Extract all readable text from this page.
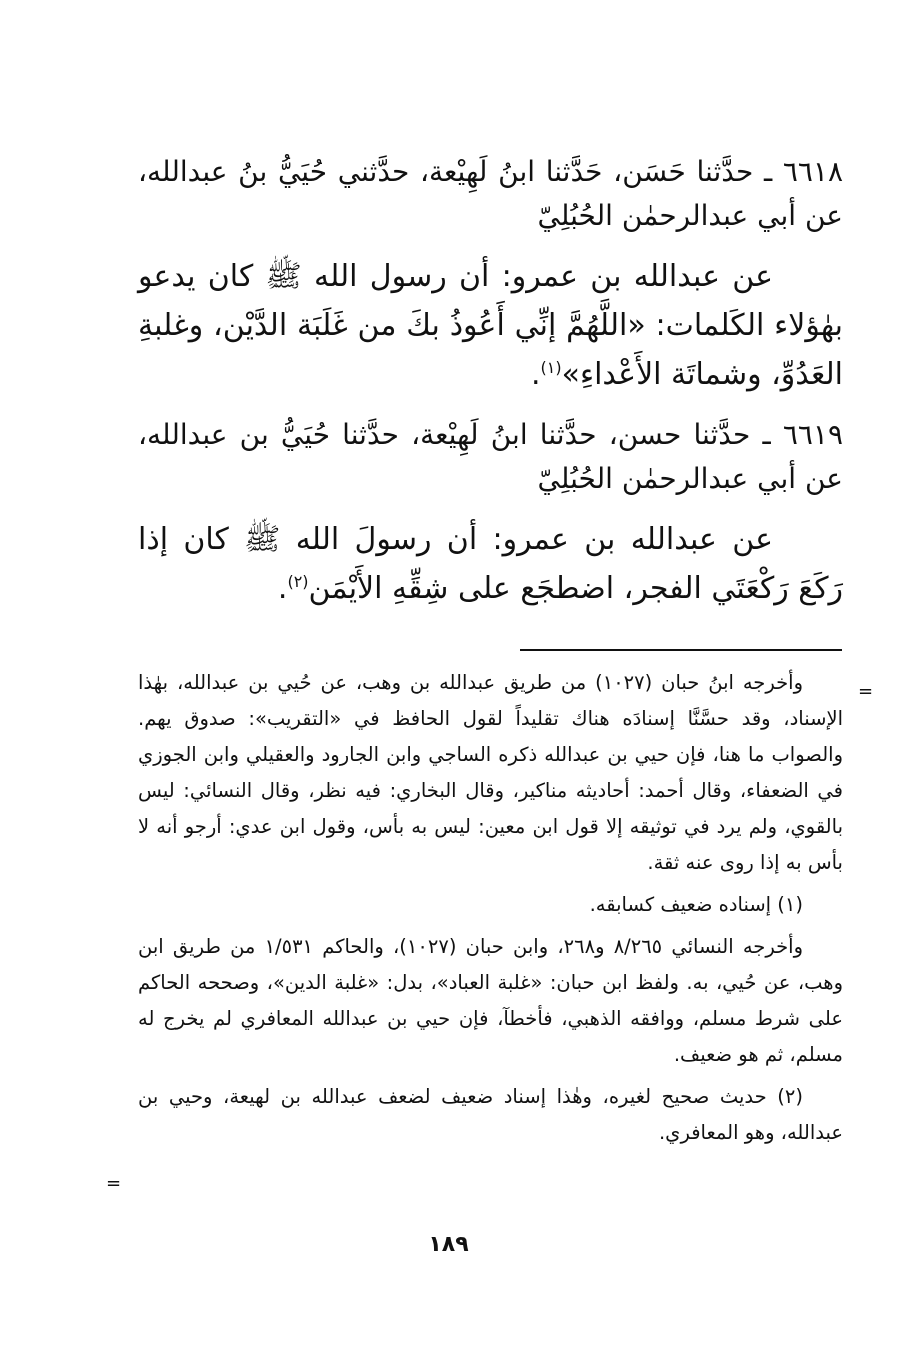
٦٦١٨ ـ حدَّثنا حَسَن، حَدَّثنا ابنُ لَهِيْعة، حدَّثني حُيَيُّ بنُ عبدالله، عن أبي عبدالرحمٰن الحُبُلِيّ

عن عبدالله بن عمرو: أن رسول الله ﷺ كان يدعو بهٰؤلاء الكَلمات: «اللَّهُمَّ إنِّي أَعُوذُ بكَ من غَلَبَة الدَّيْن، وغلبةِ العَدُوِّ، وشماتَة الأَعْداءِ»$^{(١)}$.

٦٦١٩ ـ حدَّثنا حسن، حدَّثنا ابنُ لَهِيْعة، حدَّثنا حُيَيُّ بن عبدالله، عن أبي عبدالرحمٰن الحُبُلِيّ

عن عبدالله بن عمرو: أن رسولَ الله ﷺ كان إذا رَكَعَ رَكْعَتَي الفجر، اضطجَع على شِقِّهِ الأَيْمَن$^{(٢)}$.

=

وأخرجه ابنُ حبان (١٠٢٧) من طريق عبدالله بن وهب، عن حُيي بن عبدالله، بهٰذا الإسناد، وقد حسَّنَّا إسنادَه هناك تقليداً لقول الحافظ في «التقريب»: صدوق يهم. والصواب ما هنا، فإن حيي بن عبدالله ذكره الساجي وابن الجارود والعقيلي وابن الجوزي في الضعفاء، وقال أحمد: أحاديثه مناكير، وقال البخاري: فيه نظر، وقال النسائي: ليس بالقوي، ولم يرد في توثيقه إلا قول ابن معين: ليس به بأس، وقول ابن عدي: أرجو أنه لا بأس به إذا روى عنه ثقة.

(١) إسناده ضعيف كسابقه.

وأخرجه النسائي ٨/٢٦٥ و٢٦٨، وابن حبان (١٠٢٧)، والحاكم ١/٥٣١ من طريق ابن وهب، عن حُيي، به. ولفظ ابن حبان: «غلبة العباد»، بدل: «غلبة الدين»، وصححه الحاكم على شرط مسلم، ووافقه الذهبي، فأخطآ، فإن حيي بن عبدالله المعافري لم يخرج له مسلم، ثم هو ضعيف.

(٢) حديث صحيح لغيره، وهٰذا إسناد ضعيف لضعف عبدالله بن لهيعة، وحيي بن عبدالله، وهو المعافري.

=
١٨٩
